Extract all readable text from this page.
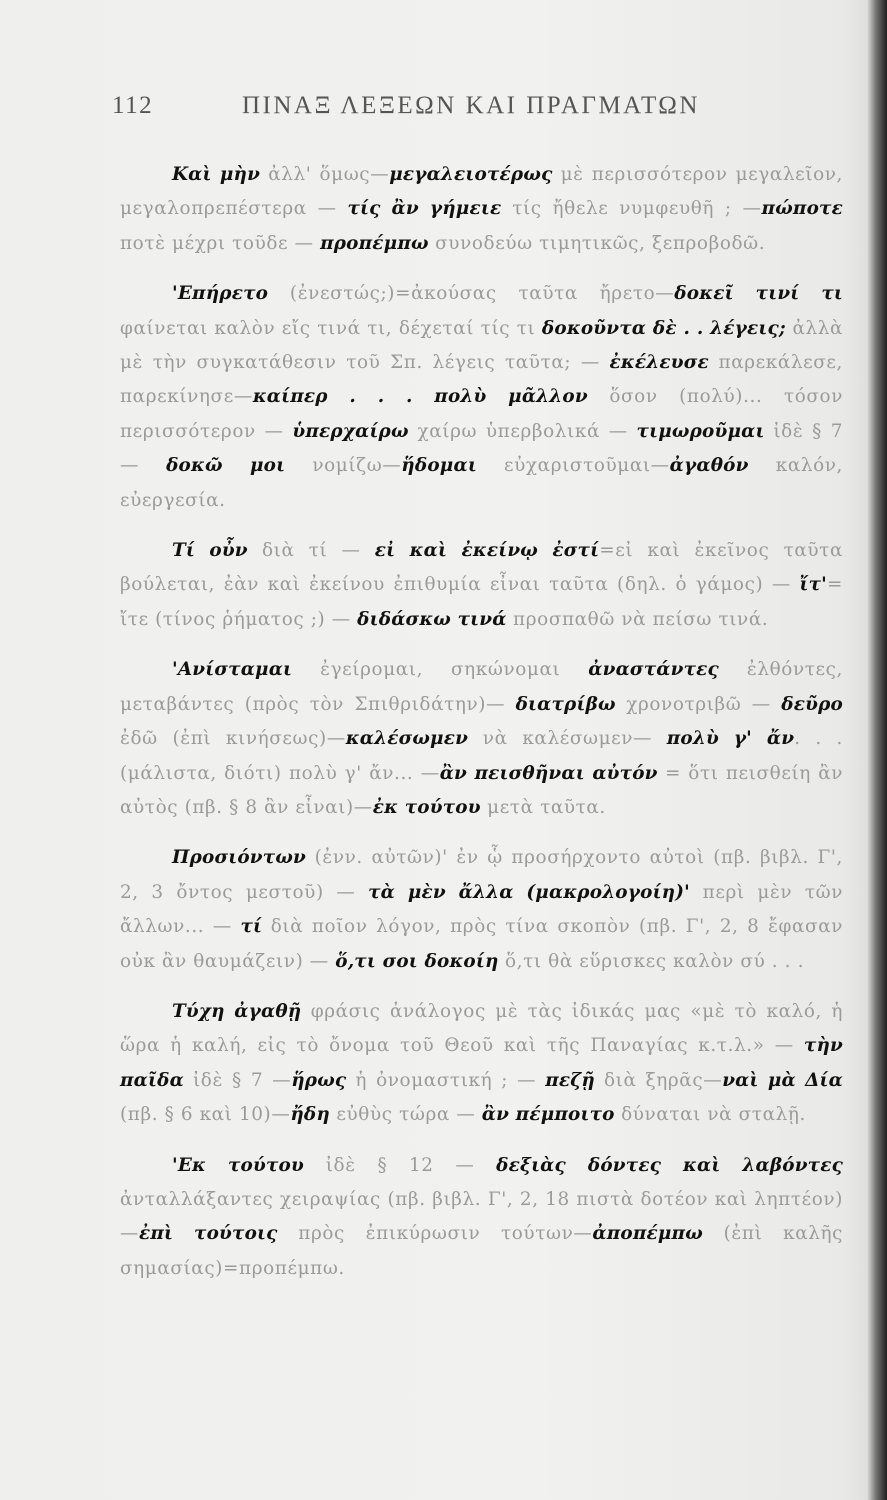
112	ΠΙΝΑΞ ΛΕΞΕΩΝ ΚΑΙ ΠΡΑΓΜΑΤΩΝ

Καὶ μὴν ἀλλ' ὅμως—μεγαλειοτέρως μὲ περισσότερον μεγαλεῖον, μεγαλοπρεπέστερα — τίς ἂν γήμειε τίς ἤθελε νυμφευθῆ ; —πώποτε ποτὲ μέχρι τοῦδε — προπέμπω συνοδεύω τιμητικῶς, ξεπροβοδῶ.

'Επήρετο (ἐνεστώς;)=ἀκούσας ταῦτα ἤρετο—δοκεῖ τινί τι φαίνεται καλὸν εἴς τινά τι, δέχεταί τίς τι δοκοῦντα δὲ . . λέγεις; ἀλλὰ μὲ τὴν συγκατάθεσιν τοῦ Σπ. λέγεις ταῦτα; — ἐκέλευσε παρεκάλεσε, παρεκίνησε—καίπερ . . . πολὺ μᾶλλον ὅσον (πολύ)... τόσον περισσότερον — ὑπερχαίρω χαίρω ὑπερβολικά — τιμωροῦμαι ἰδὲ § 7 — δοκῶ μοι νομίζω—ἥδομαι εὐχαριστοῦμαι—ἀγαθόν καλόν, εὐεργεσία.

Τί οὖν διὰ τί — εἰ καὶ ἐκείνῳ ἐστί=εἰ καὶ ἐκεῖνος ταῦτα βούλεται, ἐὰν καὶ ἐκείνου ἐπιθυμία εἶναι ταῦτα (δηλ. ὁ γάμος) — ἴτ'= ἴτε (τίνος ῥήματος ;) — διδάσκω τινά προσπαθῶ νὰ πείσω τινά.

'Ανίσταμαι ἐγείρομαι, σηκώνομαι ἀναστάντες ἐλθόντες, μεταβάντες (πρὸς τὸν Σπιθριδάτην)— διατρίβω χρονοτριβῶ — δεῦρο ἐδῶ (ἐπὶ κινήσεως)—καλέσωμεν νὰ καλέσωμεν— πολὺ γ' ἄν. . .(μάλιστα, διότι) πολὺ γ' ἄν... —ἂν πεισθῆναι αὐτόν = ὅτι πεισθείη ἂν αὐτὸς (πβ. § 8 ἂν εἶναι)—ἐκ τούτου μετὰ ταῦτα.

Προσιόντων (ἐνν. αὐτῶν)' ἐν ᾧ προσήρχοντο αὐτοὶ (πβ. βιβλ. Γ', 2, 3 ὄντος μεστοῦ) — τὰ μὲν ἄλλα (μακρολογοίη)' περὶ μὲν τῶν ἄλλων... — τί διὰ ποῖον λόγον, πρὸς τίνα σκοπὸν (πβ. Γ', 2, 8 ἔφασαν οὐκ ἂν θαυμάζειν) — ὅ,τι σοι δοκοίη ὅ,τι θὰ εὕρισκες καλὸν σύ . . .

Τύχη ἀγαθῇ φράσις ἀνάλογος μὲ τὰς ἰδικάς μας «μὲ τὸ καλό, ἡ ὥρα ἡ καλή, εἰς τὸ ὄνομα τοῦ Θεοῦ καὶ τῆς Παναγίας κ.τ.λ.» — τὴν παῖδα ἰδὲ § 7 —ἥρως ἡ ὀνομαστική ; — πεζῇ διὰ ξηρᾶς—ναὶ μὰ Δία (πβ. § 6 καὶ 10)—ἤδη εὐθὺς τώρα — ἂν πέμποιτο δύναται νὰ σταλῇ.

'Εκ τούτου ἰδὲ § 12 — δεξιὰς δόντες καὶ λαβόντες ἀνταλλάξαντες χειραψίας (πβ. βιβλ. Γ', 2, 18 πιστὰ δοτέον καὶ ληπτέον)—ἐπὶ τούτοις πρὸς ἐπικύρωσιν τούτων—ἀποπέμπω (ἐπὶ καλῆς σημασίας)=προπέμπω.
